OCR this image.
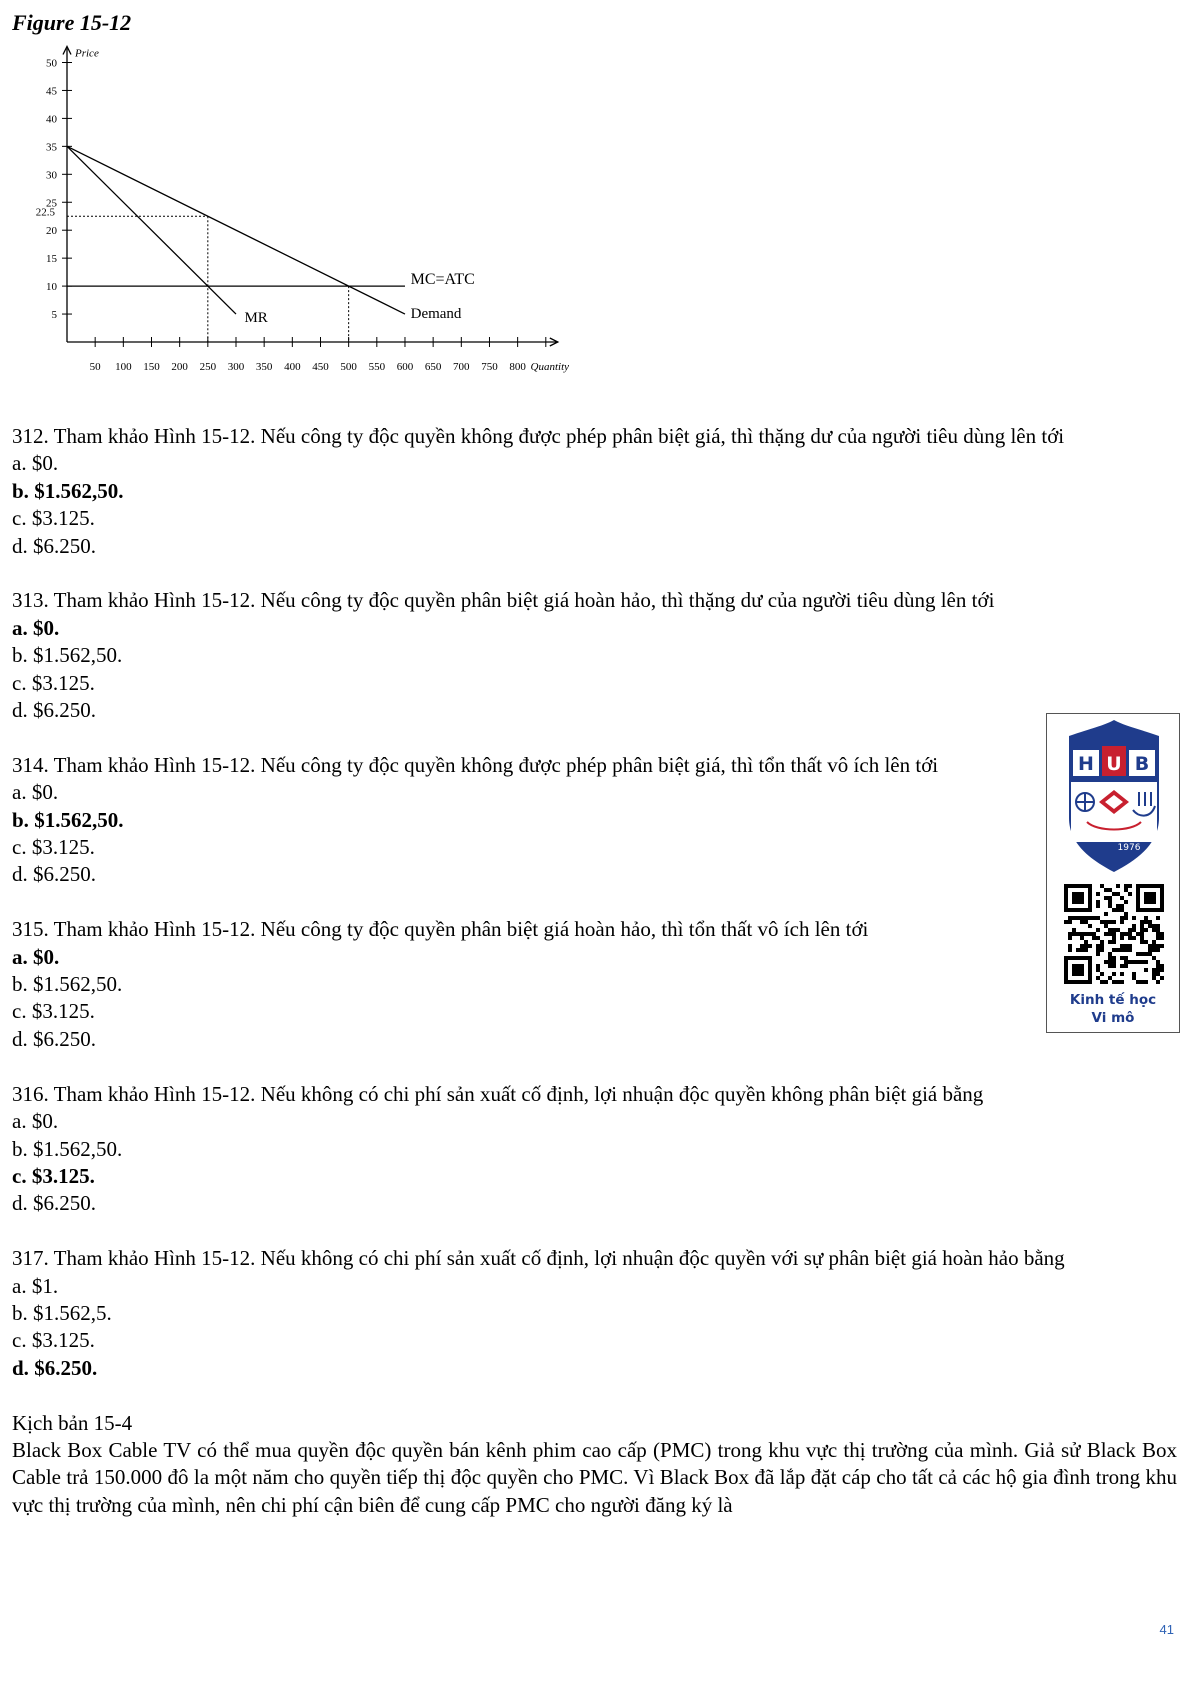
Figure 15-12
5
10
15
20
25
30
35
40
45
50
22.5
50 100 150 200 250 300 350 400 450 500 550 600 650 700 750 800
Price
Quantity
Demand
MR
MC=ATC
312. Tham khảo Hình 15-12. Nếu công ty độc quyền không được phép phân biệt giá, thì thặng dư của người tiêu dùng lên tới
a. $0.
b. $1.562,50.
c. $3.125.
d. $6.250.
313. Tham khảo Hình 15-12. Nếu công ty độc quyền phân biệt giá hoàn hảo, thì thặng dư của người tiêu dùng lên tới
a. $0.
b. $1.562,50.
c. $3.125.
d. $6.250.
314. Tham khảo Hình 15-12. Nếu công ty độc quyền không được phép phân biệt giá, thì tổn thất vô ích lên tới
a. $0.
b. $1.562,50.
c. $3.125.
d. $6.250.
315. Tham khảo Hình 15-12. Nếu công ty độc quyền phân biệt giá hoàn hảo, thì tổn thất vô ích lên tới
a. $0.
b. $1.562,50.
c. $3.125.
d. $6.250.
316. Tham khảo Hình 15-12. Nếu không có chi phí sản xuất cố định, lợi nhuận độc quyền không phân biệt giá bằng
a. $0.
b. $1.562,50.
c. $3.125.
d. $6.250.
317. Tham khảo Hình 15-12. Nếu không có chi phí sản xuất cố định, lợi nhuận độc quyền với sự phân biệt giá hoàn hảo bằng
a. $1.
b. $1.562,5.
c. $3.125.
d. $6.250.
Kịch bản 15-4
Black Box Cable TV có thể mua quyền độc quyền bán kênh phim cao cấp (PMC) trong khu vực thị trường của mình. Giả sử Black Box Cable trả 150.000 đô la một năm cho quyền tiếp thị độc quyền cho PMC. Vì Black Box đã lắp đặt cáp cho tất cả các hộ gia đình trong khu vực thị trường của mình, nên chi phí cận biên để cung cấp PMC cho người đăng ký là
H U B
1976
Kinh tế học
Vi mô
41
